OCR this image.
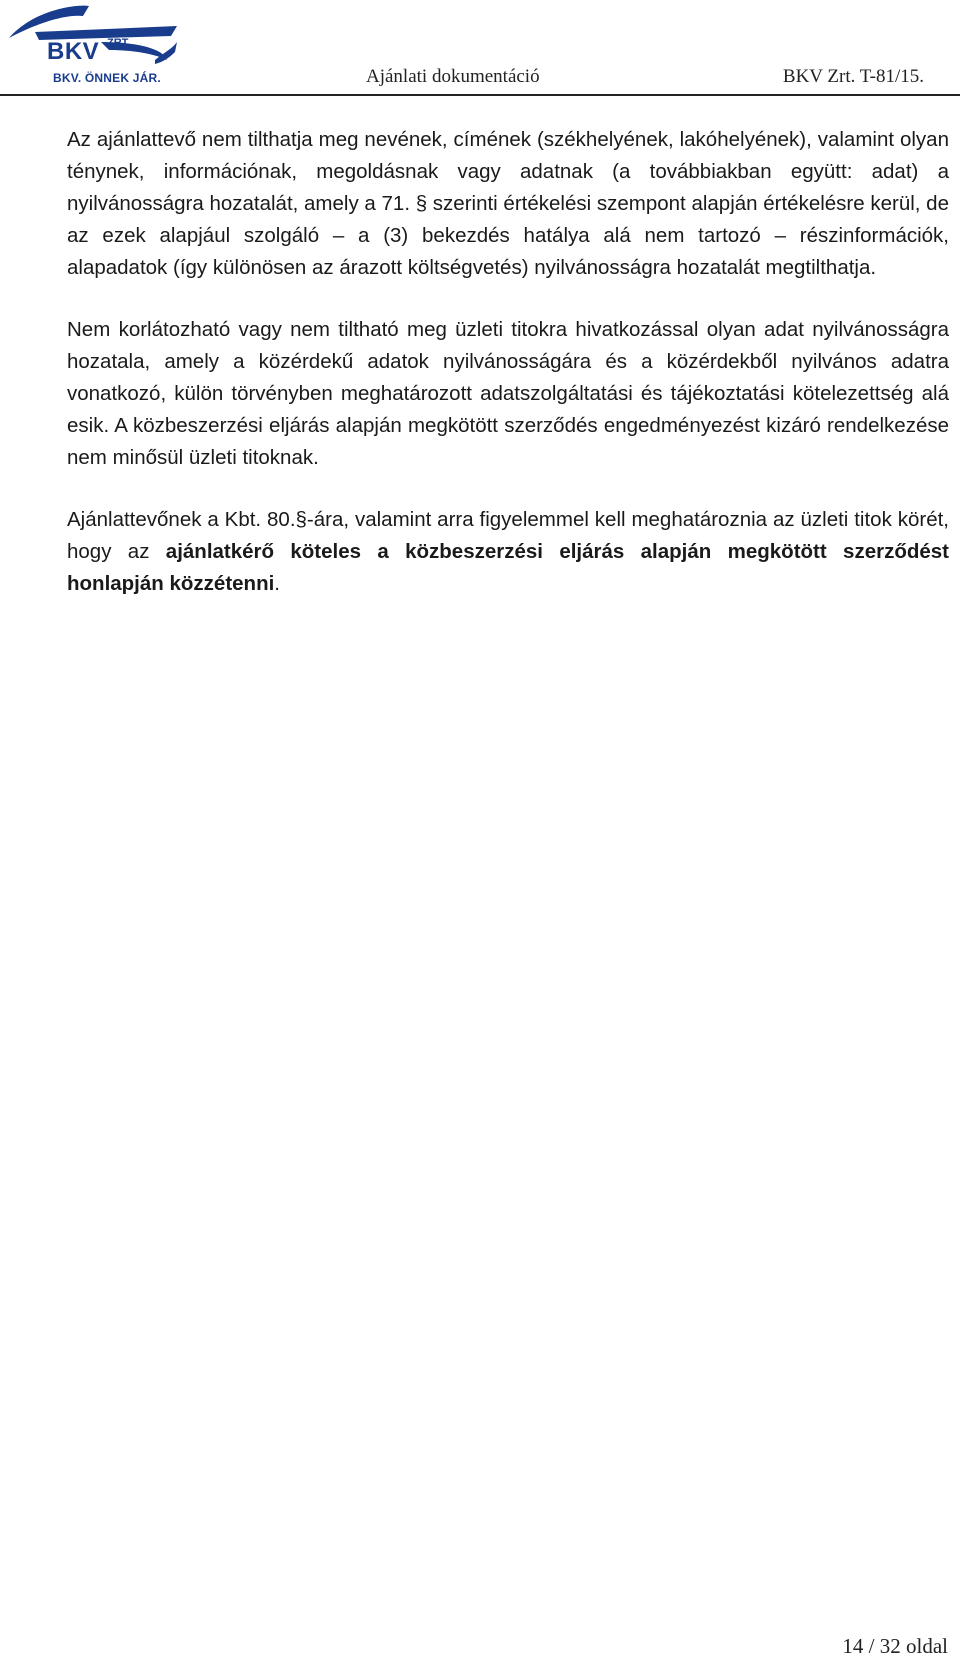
BKV ZRT
BKV. ÖNNEK JÁR.	Ajánlati dokumentáció	BKV Zrt. T-81/15.

Az ajánlattevő nem tilthatja meg nevének, címének (székhelyének, lakóhelyének), valamint olyan ténynek, információnak, megoldásnak vagy adatnak (a továbbiakban együtt: adat) a nyilvánosságra hozatalát, amely a 71. § szerinti értékelési szempont alapján értékelésre kerül, de az ezek alapjául szolgáló – a (3) bekezdés hatálya alá nem tartozó – részinformációk, alapadatok (így különösen az árazott költségvetés) nyilvánosságra hozatalát megtilthatja.

Nem korlátozható vagy nem tiltható meg üzleti titokra hivatkozással olyan adat nyilvánosságra hozatala, amely a közérdekű adatok nyilvánosságára és a közérdekből nyilvános adatra vonatkozó, külön törvényben meghatározott adatszolgáltatási és tájékoztatási kötelezettség alá esik. A közbeszerzési eljárás alapján megkötött szerződés engedményezést kizáró rendelkezése nem minősül üzleti titoknak.

Ajánlattevőnek a Kbt. 80.§-ára, valamint arra figyelemmel kell meghatároznia az üzleti titok körét, hogy az ajánlatkérő köteles a közbeszerzési eljárás alapján megkötött szerződést honlapján közzétenni.

14 / 32 oldal
